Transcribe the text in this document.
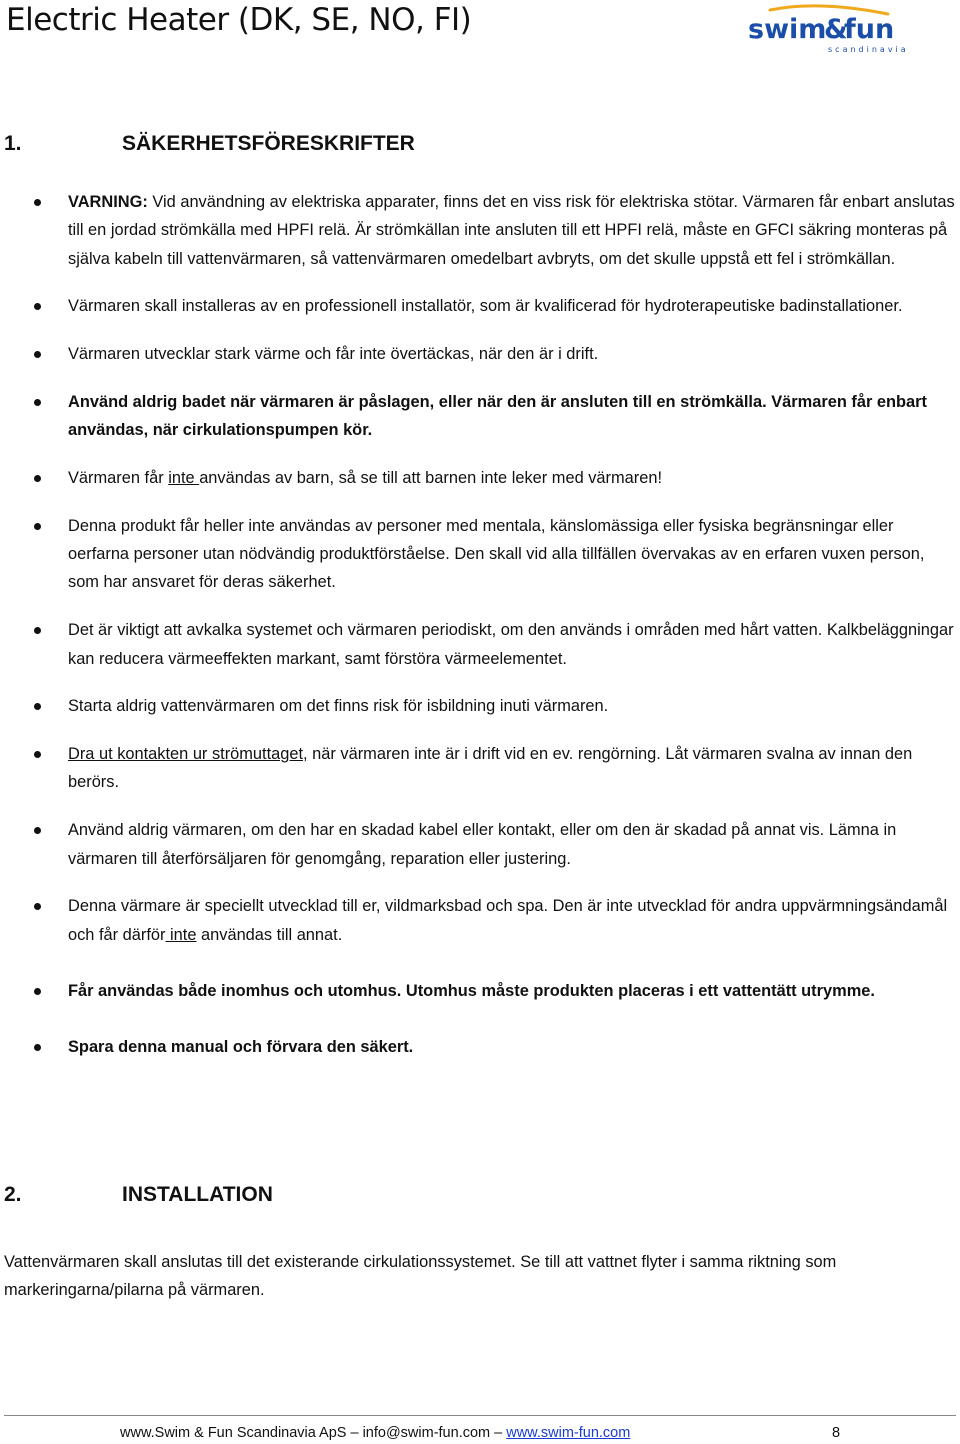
Electric Heater (DK, SE, NO, FI)	swim
&
fun
scandinavia
1.	SÄKERHETSFÖRESKRIFTER
VARNING: Vid användning av elektriska apparater, finns det en viss risk för elektriska stötar. Värmaren får enbart anslutas till en jordad strömkälla med HPFI relä. Är strömkällan inte ansluten till ett HPFI relä, måste en GFCI säkring monteras på själva kabeln till vattenvärmaren, så vattenvärmaren omedelbart avbryts, om det skulle uppstå ett fel i strömkällan.
Värmaren skall installeras av en professionell installatör, som är kvalificerad för hydroterapeutiske badinstallationer.
Värmaren utvecklar stark värme och får inte övertäckas, när den är i drift.
Använd aldrig badet när värmaren är påslagen, eller när den är ansluten till en strömkälla. Värmaren får enbart användas, när cirkulationspumpen kör.
Värmaren får inte användas av barn, så se till att barnen inte leker med värmaren!
Denna produkt får heller inte användas av personer med mentala, känslomässiga eller fysiska begränsningar eller oerfarna personer utan nödvändig produktförståelse. Den skall vid alla tillfällen övervakas av en erfaren vuxen person, som har ansvaret för deras säkerhet.
Det är viktigt att avkalka systemet och värmaren periodiskt, om den används i områden med hårt vatten. Kalkbeläggningar kan reducera värmeeffekten markant, samt förstöra värmeelementet.
Starta aldrig vattenvärmaren om det finns risk för isbildning inuti värmaren.
Dra ut kontakten ur strömuttaget, när värmaren inte är i drift vid en ev. rengörning. Låt värmaren svalna av innan den berörs.
Använd aldrig värmaren, om den har en skadad kabel eller kontakt, eller om den är skadad på annat vis. Lämna in värmaren till återförsäljaren för genomgång, reparation eller justering.
Denna värmare är speciellt utvecklad till er, vildmarksbad och spa. Den är inte utvecklad för andra uppvärmningsändamål och får därför inte användas till annat.
Får användas både inomhus och utomhus. Utomhus måste produkten placeras i ett vattentätt utrymme.
Spara denna manual och förvara den säkert.
2.	INSTALLATION

Vattenvärmaren skall anslutas till det existerande cirkulationssystemet. Se till att vattnet flyter i samma riktning som markeringarna/pilarna på värmaren.

www.Swim & Fun Scandinavia ApS – info@swim-fun.com – www.swim-fun.com	8
